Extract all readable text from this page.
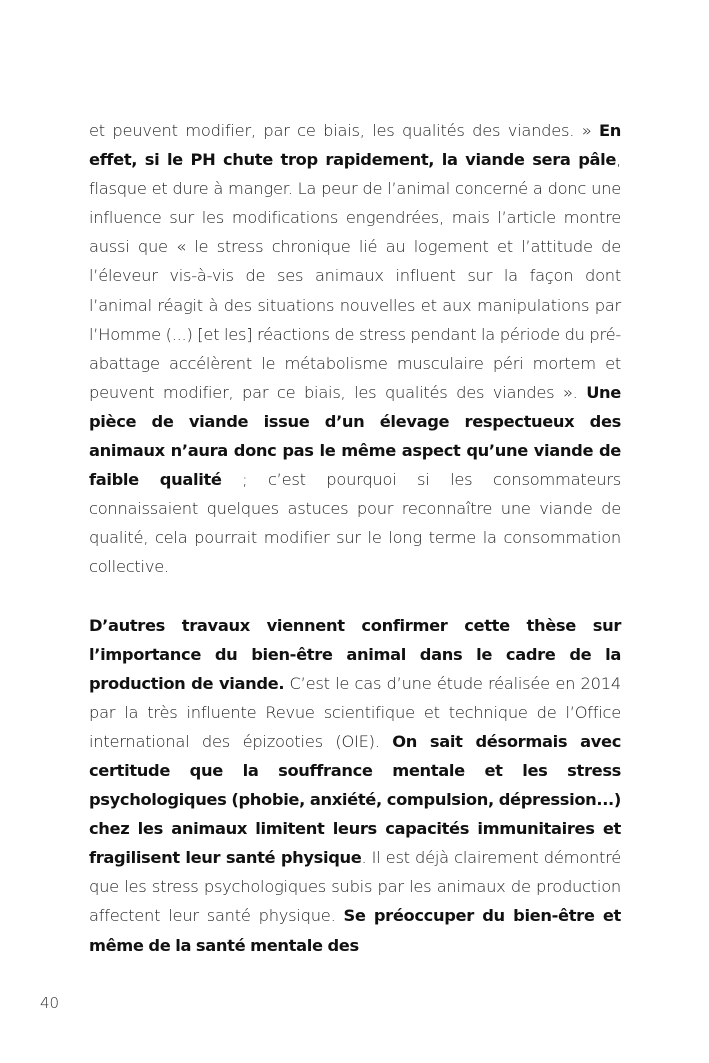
et peuvent modifier, par ce biais, les qualités des viandes. » En effet, si le PH chute trop rapidement, la viande sera pâle, flasque et dure à manger. La peur de l’animal concerné a donc une influence sur les modifications engendrées, mais l’article montre aussi que « le stress chronique lié au logement et l’attitude de l’éleveur vis-à-vis de ses animaux influent sur la façon dont l’animal réagit à des situations nouvelles et aux manipulations par l’Homme (...) [et les] réactions de stress pendant la période du pré-abattage accélèrent le métabolisme musculaire péri mortem et peuvent modifier, par ce biais, les qualités des viandes ». Une pièce de viande issue d’un élevage respectueux des animaux n’aura donc pas le même aspect qu’une viande de faible qualité ; c’est pourquoi si les consommateurs connaissaient quelques astuces pour reconnaître une viande de qualité, cela pourrait modifier sur le long terme la consommation collective.

D’autres travaux viennent confirmer cette thèse sur l’importance du bien-être animal dans le cadre de la production de viande. C’est le cas d’une étude réalisée en 2014 par la très influente Revue scientifique et technique de l’Office international des épizooties (OIE). On sait désormais avec certitude que la souffrance mentale et les stress psychologiques (phobie, anxiété, compulsion, dépression...) chez les animaux limitent leurs capacités immunitaires et fragilisent leur santé physique. Il est déjà clairement démontré que les stress psychologiques subis par les animaux de production affectent leur santé physique. Se préoccuper du bien-être et même de la santé mentale des

40
